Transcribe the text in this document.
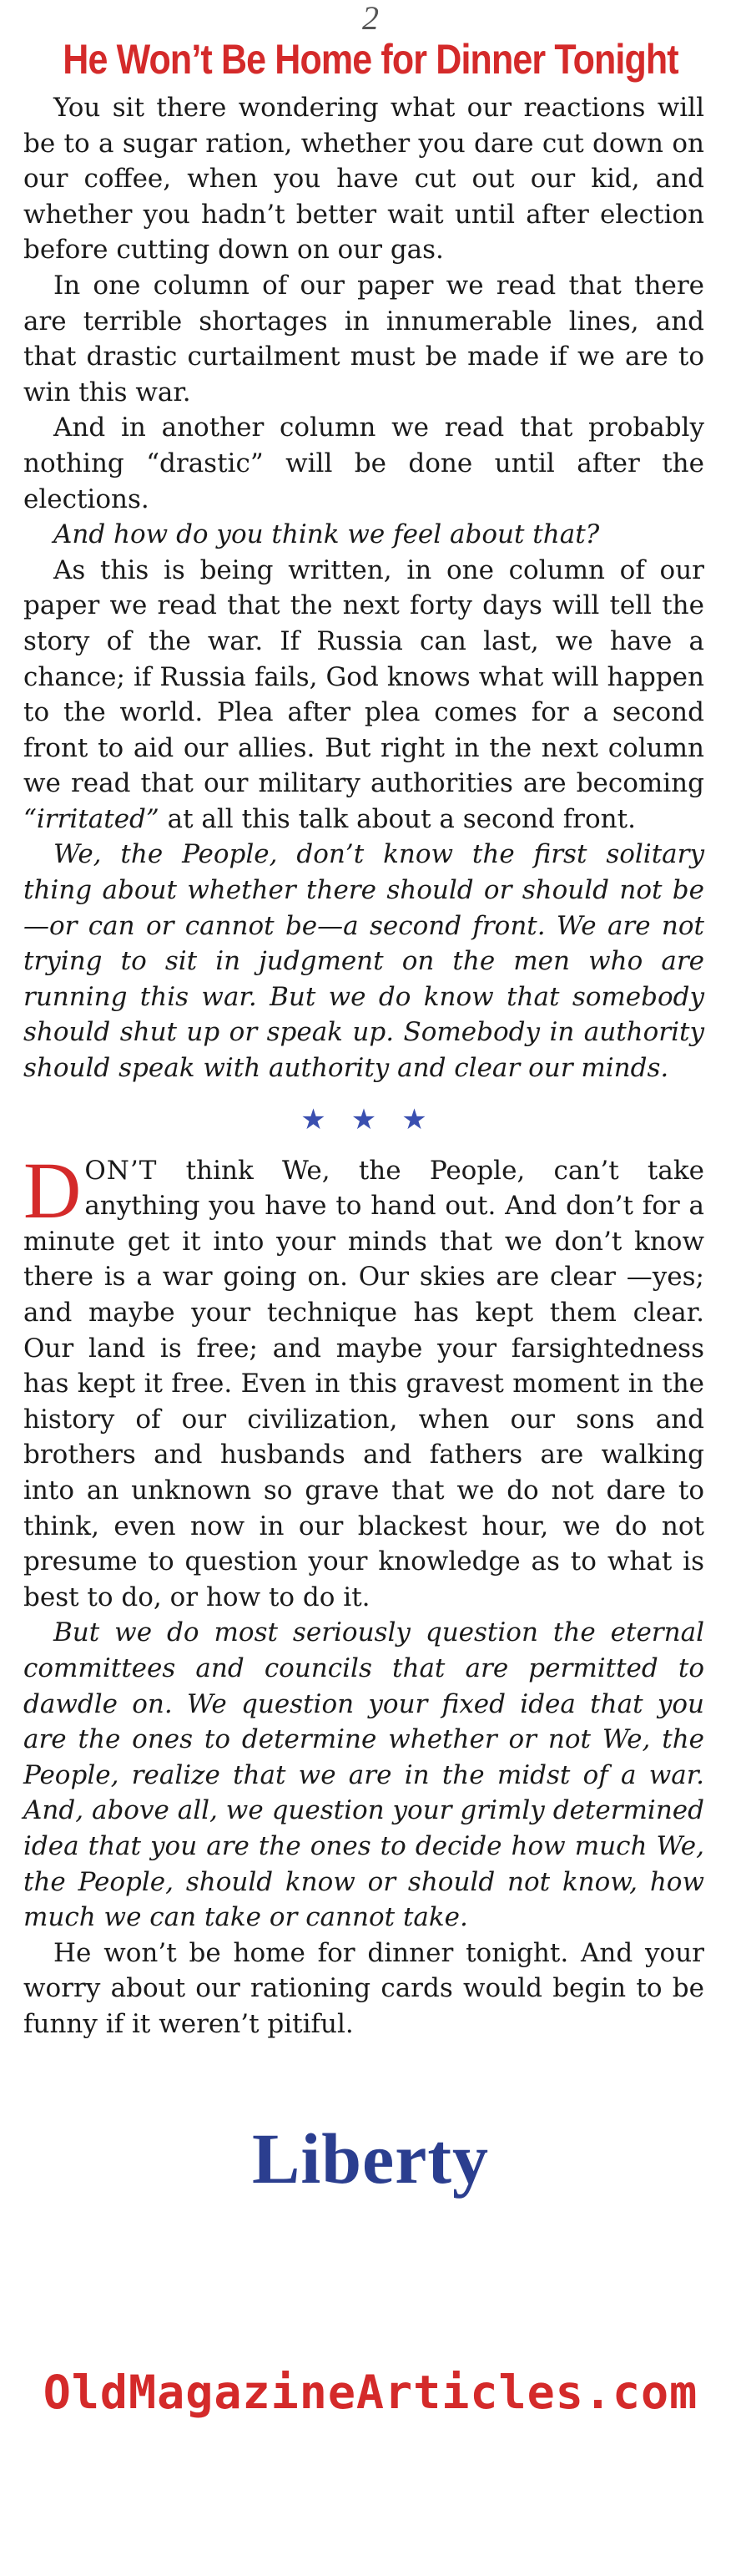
2
He Won’t Be Home for Dinner Tonight

You sit there wondering what our reactions will be to a sugar ration, whether you dare cut down on our coffee, when you have cut out our kid, and whether you hadn’t better wait until after election before cutting down on our gas.

In one column of our paper we read that there are terrible shortages in innumerable lines, and that drastic curtailment must be made if we are to win this war.

And in another column we read that probably nothing “drastic” will be done until after the elections.

And how do you think we feel about that?

As this is being written, in one column of our paper we read that the next forty days will tell the story of the war. If Russia can last, we have a chance; if Russia fails, God knows what will happen to the world. Plea after plea comes for a second front to aid our allies. But right in the next column we read that our military authorities are becoming “irritated” at all this talk about a second front.

We, the People, don’t know the first solitary thing about whether there should or should not be—or can or cannot be—a second front. We are not trying to sit in judgment on the men who are running this war. But we do know that somebody should shut up or speak up. Somebody in authority should speak with authority and clear our minds.

★★★

DON’T think We, the People, can’t take anything you have to hand out. And don’t for a minute get it into your minds that we don’t know there is a war going on. Our skies are clear —yes; and maybe your technique has kept them clear. Our land is free; and maybe your farsightedness has kept it free. Even in this gravest moment in the history of our civilization, when our sons and brothers and husbands and fathers are walking into an unknown so grave that we do not dare to think, even now in our blackest hour, we do not presume to question your knowledge as to what is best to do, or how to do it.

But we do most seriously question the eternal committees and councils that are permitted to dawdle on. We question your fixed idea that you are the ones to determine whether or not We, the People, realize that we are in the midst of a war. And, above all, we question your grimly determined idea that you are the ones to decide how much We, the People, should know or should not know, how much we can take or cannot take.

He won’t be home for dinner tonight. And your worry about our rationing cards would begin to be funny if it weren’t pitiful.

Liberty
OldMagazineArticles.com
